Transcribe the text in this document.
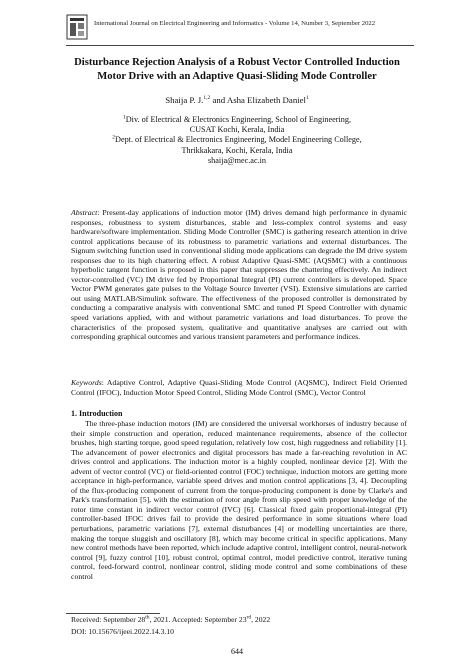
International Journal on Electrical Engineering and Informatics - Volume 14, Number 3, September 2022
Disturbance Rejection Analysis of a Robust Vector Controlled Induction
Motor Drive with an Adaptive Quasi-Sliding Mode Controller
Shaija P. J.$^{1,2}$ and Asha Elizabeth Daniel$^1$
$^1$Div. of Electrical & Electronics Engineering, School of Engineering,
CUSAT Kochi, Kerala, India
$^2$Dept. of Electrical & Electronics Engineering, Model Engineering College,
Thrikkakara, Kochi, Kerala, India
shaija@mec.ac.in
Abstract: Present-day applications of induction motor (IM) drives demand high performance in dynamic responses, robustness to system disturbances, stable and less-complex control systems and easy hardware/software implementation. Sliding Mode Controller (SMC) is gathering research attention in drive control applications because of its robustness to parametric variations and external disturbances. The Signum switching function used in conventional sliding mode applications can degrade the IM drive system responses due to its high chattering effect. A robust Adaptive Quasi-SMC (AQSMC) with a continuous hyperbolic tangent function is proposed in this paper that suppresses the chattering effectively. An indirect vector-controlled (VC) IM drive fed by Proportional Integral (PI) current controllers is developed. Space Vector PWM generates gate pulses to the Voltage Source Inverter (VSI). Extensive simulations are carried out using MATLAB/Simulink software. The effectiveness of the proposed controller is demonstrated by conducting a comparative analysis with conventional SMC and tuned PI Speed Controller with dynamic speed variations applied, with and without parametric variations and load disturbances. To prove the characteristics of the proposed system, qualitative and quantitative analyses are carried out with corresponding graphical outcomes and various transient parameters and performance indices.
Keywords: Adaptive Control, Adaptive Quasi-Sliding Mode Control (AQSMC), Indirect Field Oriented Control (IFOC), Induction Motor Speed Control, Sliding Mode Control (SMC), Vector Control
1. Introduction
The three-phase induction motors (IM) are considered the universal workhorses of industry because of their simple construction and operation, reduced maintenance requirements, absence of the collector brushes, high starting torque, good speed regulation, relatively low cost, high ruggedness and reliability [1]. The advancement of power electronics and digital processors has made a far-reaching revolution in AC drives control and applications. The induction motor is a highly coupled, nonlinear device [2]. With the advent of vector control (VC) or field-oriented control (FOC) technique, induction motors are getting more acceptance in high-performance, variable speed drives and motion control applications [3, 4]. Decoupling of the flux-producing component of current from the torque-producing component is done by Clarke's and Park's transformation [5], with the estimation of rotor angle from slip speed with proper knowledge of the rotor time constant in indirect vector control (IVC) [6]. Classical fixed gain proportional-integral (PI) controller-based IFOC drives fail to provide the desired performance in some situations where load perturbations, parametric variations [7], external disturbances [4] or modelling uncertainties are there, making the torque sluggish and oscillatory [8], which may become critical in specific applications. Many new control methods have been reported, which include adaptive control, intelligent control, neural-network control [9], fuzzy control [10], robust control, optimal control, model predictive control, iterative tuning control, feed-forward control, nonlinear control, sliding mode control and some combinations of these control
Received: September 28th, 2021. Accepted: September 23rd, 2022
DOI: 10.15676/ijeei.2022.14.3.10
644
